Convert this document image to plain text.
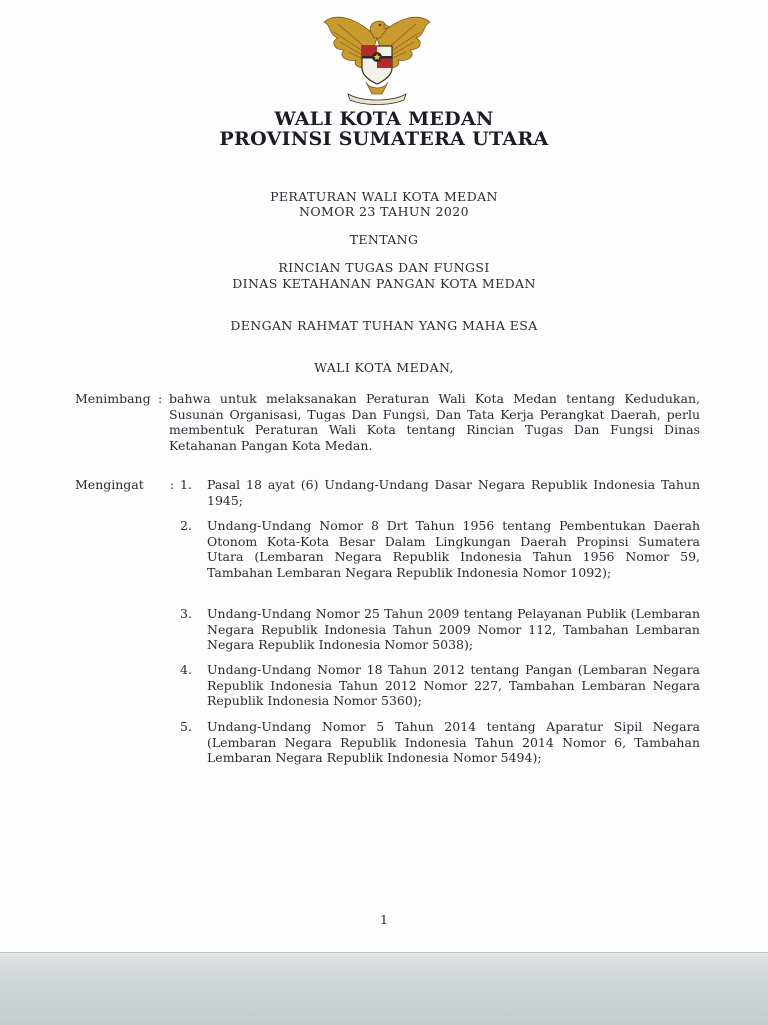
WALI KOTA MEDAN
PROVINSI SUMATERA UTARA
PERATURAN WALI KOTA MEDAN
NOMOR 23 TAHUN 2020
TENTANG
RINCIAN TUGAS DAN FUNGSI
DINAS KETAHANAN PANGAN KOTA MEDAN
DENGAN RAHMAT TUHAN YANG MAHA ESA
WALI KOTA MEDAN,
Menimbang : bahwa untuk melaksanakan Peraturan Wali Kota Medan tentang Kedudukan, Susunan Organisasi, Tugas Dan Fungsi, Dan Tata Kerja Perangkat Daerah, perlu membentuk Peraturan Wali Kota tentang Rincian Tugas Dan Fungsi Dinas Ketahanan Pangan Kota Medan.
Mengingat : 1. Pasal 18 ayat (6) Undang-Undang Dasar Negara Republik Indonesia Tahun 1945;
2. Undang-Undang Nomor 8 Drt Tahun 1956 tentang Pembentukan Daerah Otonom Kota-Kota Besar Dalam Lingkungan Daerah Propinsi Sumatera Utara (Lembaran Negara Republik Indonesia Tahun 1956 Nomor 59, Tambahan Lembaran Negara Republik Indonesia Nomor 1092);
3. Undang-Undang Nomor 25 Tahun 2009 tentang Pelayanan Publik (Lembaran Negara Republik Indonesia Tahun 2009 Nomor 112, Tambahan Lembaran Negara Republik Indonesia Nomor 5038);
4. Undang-Undang Nomor 18 Tahun 2012 tentang Pangan (Lembaran Negara Republik Indonesia Tahun 2012 Nomor 227, Tambahan Lembaran Negara Republik Indonesia Nomor 5360);
5. Undang-Undang Nomor 5 Tahun 2014 tentang Aparatur Sipil Negara (Lembaran Negara Republik Indonesia Tahun 2014 Nomor 6, Tambahan Lembaran Negara Republik Indonesia Nomor 5494);
1
